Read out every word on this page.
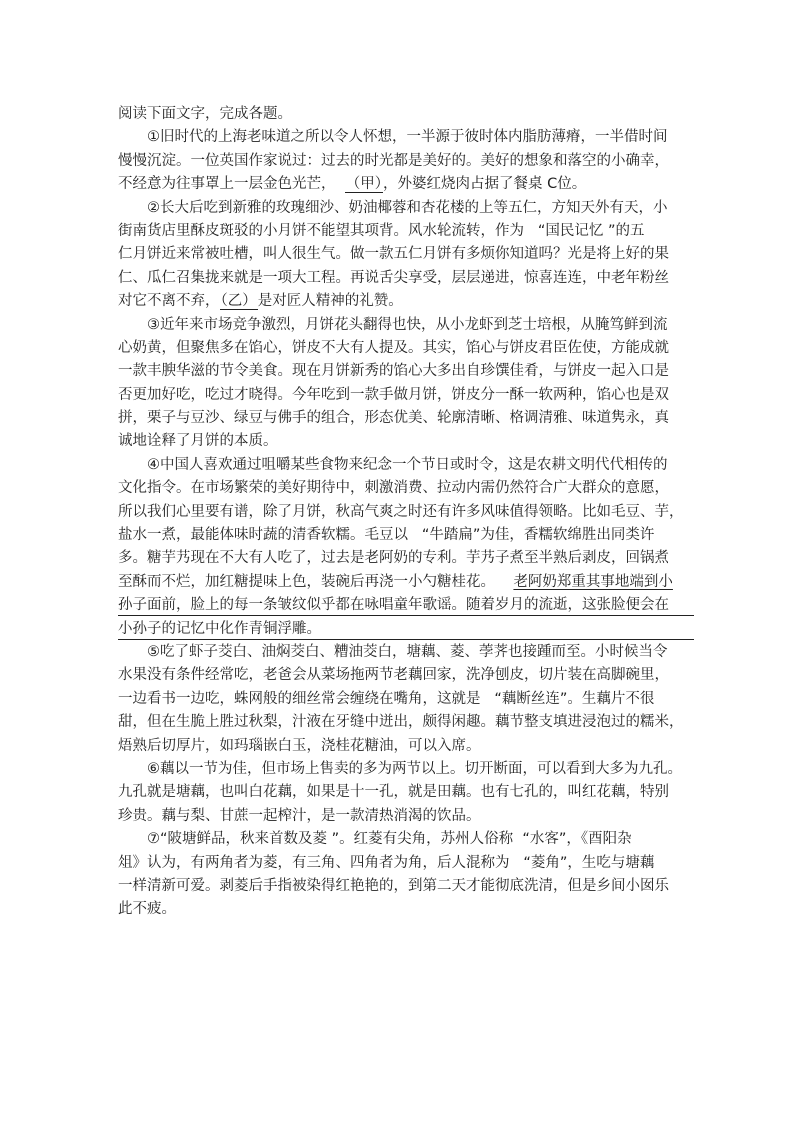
阅读下面文字，完成各题。
①旧时代的上海老味道之所以令人怀想，一半源于彼时体内脂肪薄瘠，一半借时间
慢慢沉淀。一位英国作家说过：过去的时光都是美好的。美好的想象和落空的小确幸，
不经意为往事罩上一层金色光芒， （甲），外婆红烧肉占据了餐桌 C位。
②长大后吃到新雅的玫瑰细沙、奶油椰蓉和杏花楼的上等五仁，方知天外有天，小
街南货店里酥皮斑驳的小月饼不能望其项背。风水轮流转，作为   “国民记忆 ”的五
仁月饼近来常被吐槽，叫人很生气。做一款五仁月饼有多烦你知道吗？光是将上好的果
仁、瓜仁召集拢来就是一项大工程。再说舌尖享受，层层递进，惊喜连连，中老年粉丝
对它不离不弃，（乙）是对匠人精神的礼赞。
③近年来市场竞争激烈，月饼花头翻得也快，从小龙虾到芝士培根，从腌笃鲜到流
心奶黄，但聚焦多在馅心，饼皮不大有人提及。其实，馅心与饼皮君臣佐使，方能成就
一款丰腴华滋的节令美食。现在月饼新秀的馅心大多出自珍馔佳肴，与饼皮一起入口是
否更加好吃，吃过才晓得。今年吃到一款手做月饼，饼皮分一酥一软两种，馅心也是双
拼，栗子与豆沙、绿豆与佛手的组合，形态优美、轮廓清晰、格调清雅、味道隽永，真
诚地诠释了月饼的本质。
④中国人喜欢通过咀嚼某些食物来纪念一个节日或时令，这是农耕文明代代相传的
文化指令。在市场繁荣的美好期待中，刺激消费、拉动内需仍然符合广大群众的意愿，
所以我们心里要有谱，除了月饼，秋高气爽之时还有许多风味值得领略。比如毛豆、芋，
盐水一煮，最能体味时蔬的清香软糯。毛豆以   “牛踏扁”为佳，香糯软绵胜出同类许
多。糖芋艿现在不大有人吃了，过去是老阿奶的专利。芋艿子煮至半熟后剥皮，回锅煮
至酥而不烂，加红糖提味上色，装碗后再浇一小勺糖桂花。 老阿奶郑重其事地端到小
孙子面前，脸上的每一条皱纹似乎都在咏唱童年歌谣。随着岁月的流逝，这张脸便会在
小孙子的记忆中化作青铜浮雕。
⑤吃了虾子茭白、油焖茭白、糟油茭白，塘藕、菱、荸荠也接踵而至。小时候当令
水果没有条件经常吃，老爸会从菜场拖两节老藕回家，洗净刨皮，切片装在高脚碗里，
一边看书一边吃，蛛网般的细丝常会缠绕在嘴角，这就是   “藕断丝连”。生藕片不很
甜，但在生脆上胜过秋梨，汁液在牙缝中迸出，颇得闲趣。藕节整支填进浸泡过的糯米，
焐熟后切厚片，如玛瑙嵌白玉，浇桂花糖油，可以入席。
⑥藕以一节为佳，但市场上售卖的多为两节以上。切开断面，可以看到大多为九孔。
九孔就是塘藕，也叫白花藕，如果是十一孔，就是田藕。也有七孔的，叫红花藕，特别
珍贵。藕与梨、甘蔗一起榨汁，是一款清热消渴的饮品。
⑦“陂塘鲜品，秋来首数及菱 ”。红菱有尖角，苏州人俗称  “水客”，《酉阳杂
俎》认为，有两角者为菱，有三角、四角者为角，后人混称为   “菱角”，生吃与塘藕
一样清新可爱。剥菱后手指被染得红艳艳的，到第二天才能彻底洗清，但是乡间小囡乐
此不疲。
